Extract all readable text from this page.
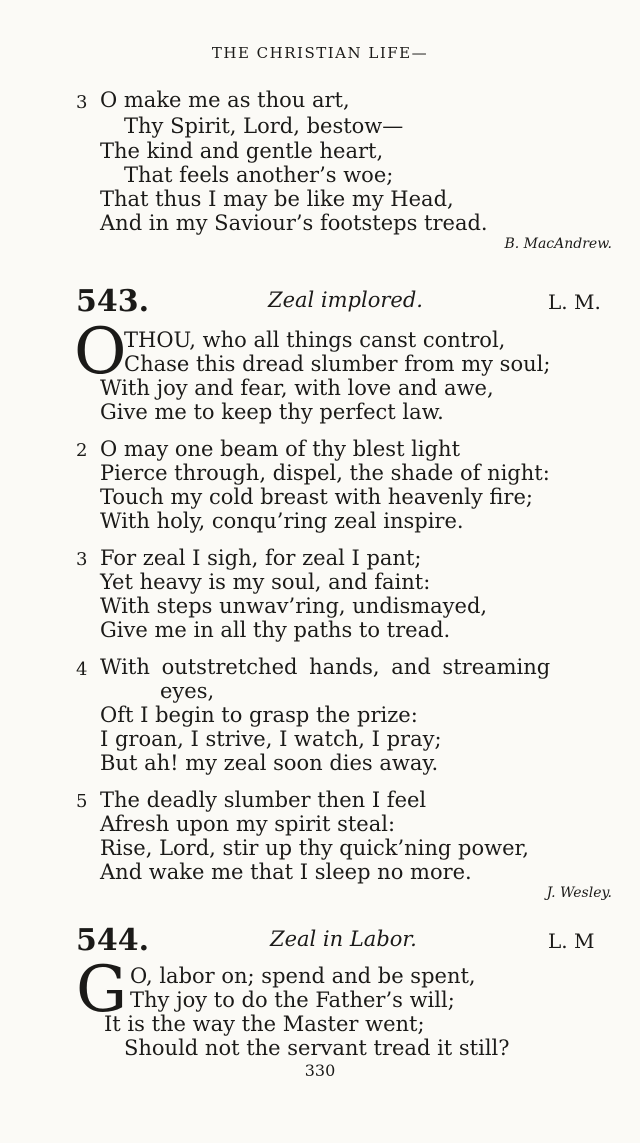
THE CHRISTIAN LIFE—
3 O make me as thou art,
Thy Spirit, Lord, bestow—
The kind and gentle heart,
That feels another’s woe;
That thus I may be like my Head,
And in my Saviour’s footsteps tread.
B. MacAndrew.
543.	Zeal implored.	L. M.
O
THOU, who all things canst control,
Chase this dread slumber from my soul;
With joy and fear, with love and awe,
Give me to keep thy perfect law.
2 O may one beam of thy blest light
Pierce through, dispel, the shade of night:
Touch my cold breast with heavenly fire;
With holy, conqu’ring zeal inspire.
3 For zeal I sigh, for zeal I pant;
Yet heavy is my soul, and faint:
With steps unwav’ring, undismayed,
Give me in all thy paths to tread.
4 With outstretched hands, and streaming
eyes,
Oft I begin to grasp the prize:
I groan, I strive, I watch, I pray;
But ah! my zeal soon dies away.
5 The deadly slumber then I feel
Afresh upon my spirit steal:
Rise, Lord, stir up thy quick’ning power,
And wake me that I sleep no more.
J. Wesley.
544.	Zeal in Labor.	L. M
G O, labor on; spend and be spent,
Thy joy to do the Father’s will;
It is the way the Master went;
Should not the servant tread it still?
330
